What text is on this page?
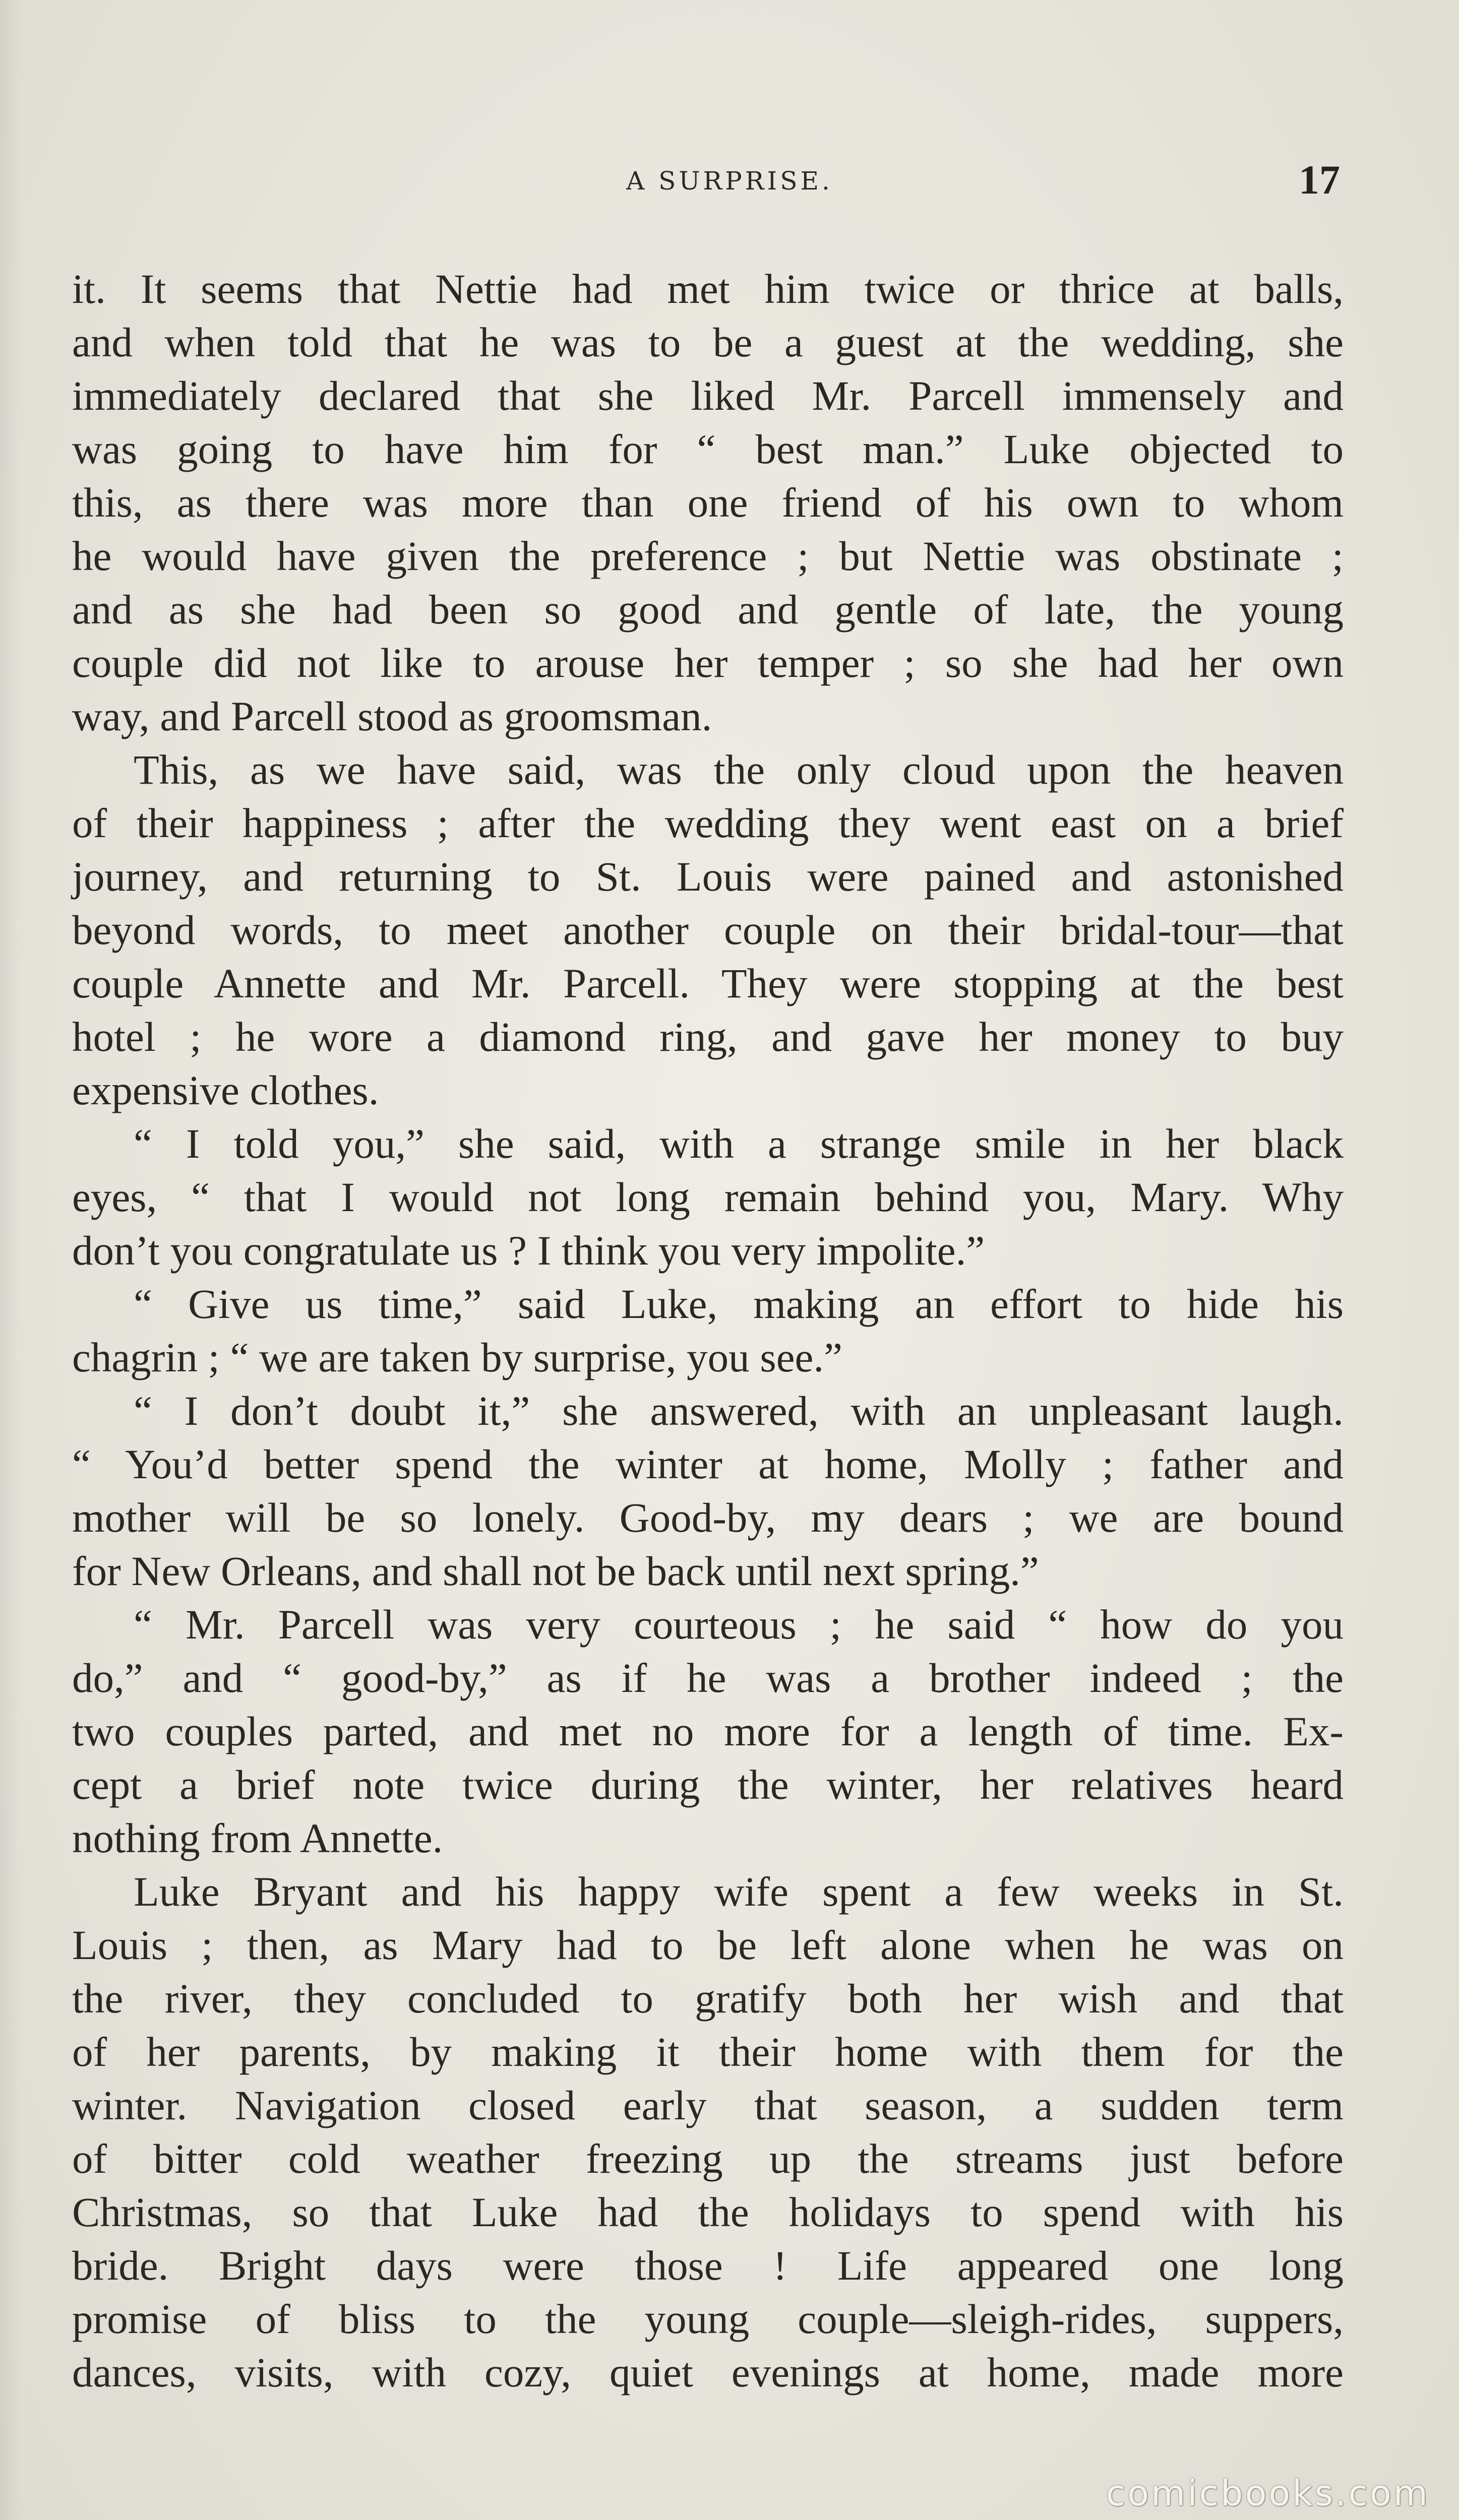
A SURPRISE.	17
it. It seems that Nettie had met him twice or thrice at balls,
and when told that he was to be a guest at the wedding, she
immediately declared that she liked Mr. Parcell immensely and
was going to have him for “ best man.” Luke objected to
this, as there was more than one friend of his own to whom
he would have given the preference ; but Nettie was obstinate ;
and as she had been so good and gentle of late, the young
couple did not like to arouse her temper ; so she had her own
way, and Parcell stood as groomsman.
This, as we have said, was the only cloud upon the heaven
of their happiness ; after the wedding they went east on a brief
journey, and returning to St. Louis were pained and astonished
beyond words, to meet another couple on their bridal-tour—that
couple Annette and Mr. Parcell. They were stopping at the best
hotel ; he wore a diamond ring, and gave her money to buy
expensive clothes.
“ I told you,” she said, with a strange smile in her black
eyes, “ that I would not long remain behind you, Mary. Why
don’t you congratulate us ? I think you very impolite.”
“ Give us time,” said Luke, making an effort to hide his
chagrin ; “ we are taken by surprise, you see.”
“ I don’t doubt it,” she answered, with an unpleasant laugh.
“ You’d better spend the winter at home, Molly ; father and
mother will be so lonely. Good-by, my dears ; we are bound
for New Orleans, and shall not be back until next spring.”
“ Mr. Parcell was very courteous ; he said “ how do you
do,” and “ good-by,” as if he was a brother indeed ; the
two couples parted, and met no more for a length of time. Ex-
cept a brief note twice during the winter, her relatives heard
nothing from Annette.
Luke Bryant and his happy wife spent a few weeks in St.
Louis ; then, as Mary had to be left alone when he was on
the river, they concluded to gratify both her wish and that
of her parents, by making it their home with them for the
winter. Navigation closed early that season, a sudden term
of bitter cold weather freezing up the streams just before
Christmas, so that Luke had the holidays to spend with his
bride. Bright days were those ! Life appeared one long
promise of bliss to the young couple—sleigh-rides, suppers,
dances, visits, with cozy, quiet evenings at home, made more
comicbooks.com
